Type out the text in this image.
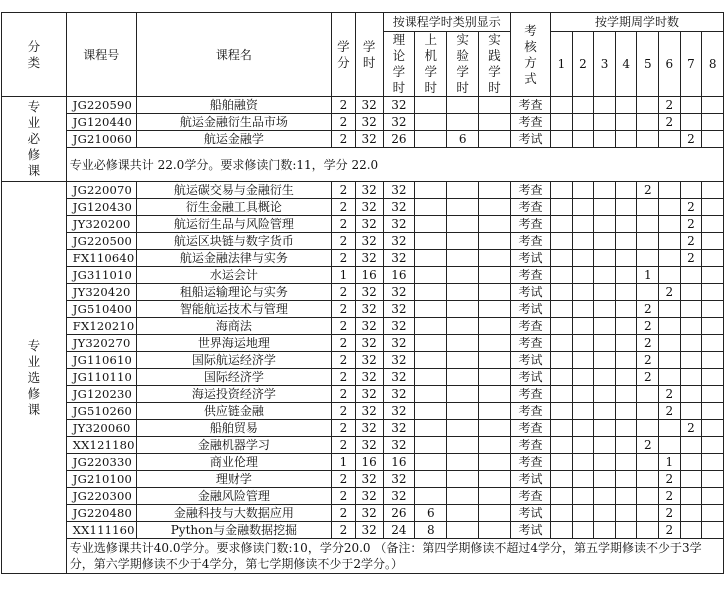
分类	课程号	课程名	学分	学时	按课程学时类别显示				考核方式	按学期周学时数							
					理论学时	上机学时	实验学时	实践学时		1	2	3	4	5	6	7	8
专业必修课	JG220590	船舶融资	2	32	32				考查						2		
	JG120440	航运金融衍生品市场	2	32	32				考查						2		
	JG210060	航运金融学	2	32	26		6		考试							2	
	专业必修课共计 22.0学分。要求修读门数:11，学分 22.0																
专业选修课	JG220070	航运碳交易与金融衍生	2	32	32				考查					2			
	JG120430	衍生金融工具概论	2	32	32				考查							2	
	JY320200	航运衍生品与风险管理	2	32	32				考查							2	
	JG220500	航运区块链与数字货币	2	32	32				考查							2	
	FX110640	航运金融法律与实务	2	32	32				考试							2	
	JG311010	水运会计	1	16	16				考查					1			
	JY320420	租船运输理论与实务	2	32	32				考试						2		
	JG510400	智能航运技术与管理	2	32	32				考试					2			
	FX120210	海商法	2	32	32				考查					2			
	JY320270	世界海运地理	2	32	32				考查					2			
	JG110610	国际航运经济学	2	32	32				考试					2			
	JG110110	国际经济学	2	32	32				考试					2			
	JG120230	海运投资经济学	2	32	32				考查						2		
	JG510260	供应链金融	2	32	32				考查						2		
	JY320060	船舶贸易	2	32	32				考查							2	
	XX121180	金融机器学习	2	32	32				考查					2			
	JG220330	商业伦理	1	16	16				考查						1		
	JG210100	理财学	2	32	32				考试						2		
	JG220300	金融风险管理	2	32	32				考查						2		
	JG220480	金融科技与大数据应用	2	32	26	6			考试						2		
	XX111160	Python与金融数据挖掘	2	32	24	8			考试						2		
	专业选修课共计40.0学分。要求修读门数:10，学分20.0 （备注：第四学期修读不超过4学分，第五学期修读不少于3学分，第六学期修读不少于4学分，第七学期修读不少于2学分。）																
